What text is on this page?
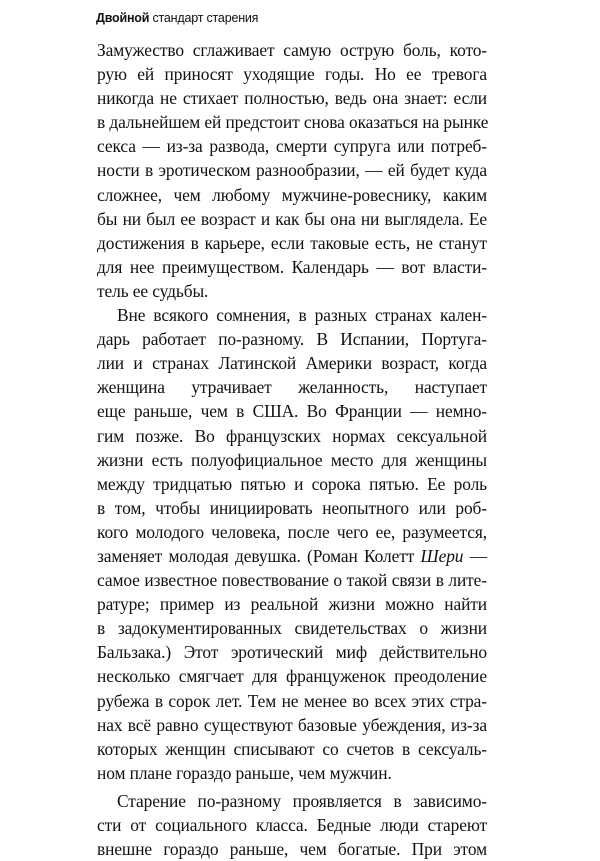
Двойной стандарт старения
Замужество сглаживает самую острую боль, кото-
рую ей приносят уходящие годы. Но ее тревога
никогда не стихает полностью, ведь она знает: если
в дальнейшем ей предстоит снова оказаться на рынке
секса — из-за развода, смерти супруга или потреб-
ности в эротическом разнообразии, — ей будет куда
сложнее, чем любому мужчине-ровеснику, каким
бы ни был ее возраст и как бы она ни выглядела. Ее
достижения в карьере, если таковые есть, не станут
для нее преимуществом. Календарь — вот власти-
тель ее судьбы.
Вне всякого сомнения, в разных странах кален-
дарь работает по-разному. В Испании, Португа-
лии и странах Латинской Америки возраст, когда
женщина утрачивает желанность, наступает
еще раньше, чем в США. Во Франции — немно-
гим позже. Во французских нормах сексуальной
жизни есть полуофициальное место для женщины
между тридцатью пятью и сорока пятью. Ее роль
в том, чтобы инициировать неопытного или роб-
кого молодого человека, после чего ее, разумеется,
заменяет молодая девушка. (Роман Колетт Шери —
самое известное повествование о такой связи в лите-
ратуре; пример из реальной жизни можно найти
в задокументированных свидетельствах о жизни
Бальзака.) Этот эротический миф действительно
несколько смягчает для француженок преодоление
рубежа в сорок лет. Тем не менее во всех этих стра-
нах всё равно существуют базовые убеждения, из-за
которых женщин списывают со счетов в сексуаль-
ном плане гораздо раньше, чем мужчин.
Старение по-разному проявляется в зависимо-
сти от социального класса. Бедные люди стареют
внешне гораздо раньше, чем богатые. При этом
